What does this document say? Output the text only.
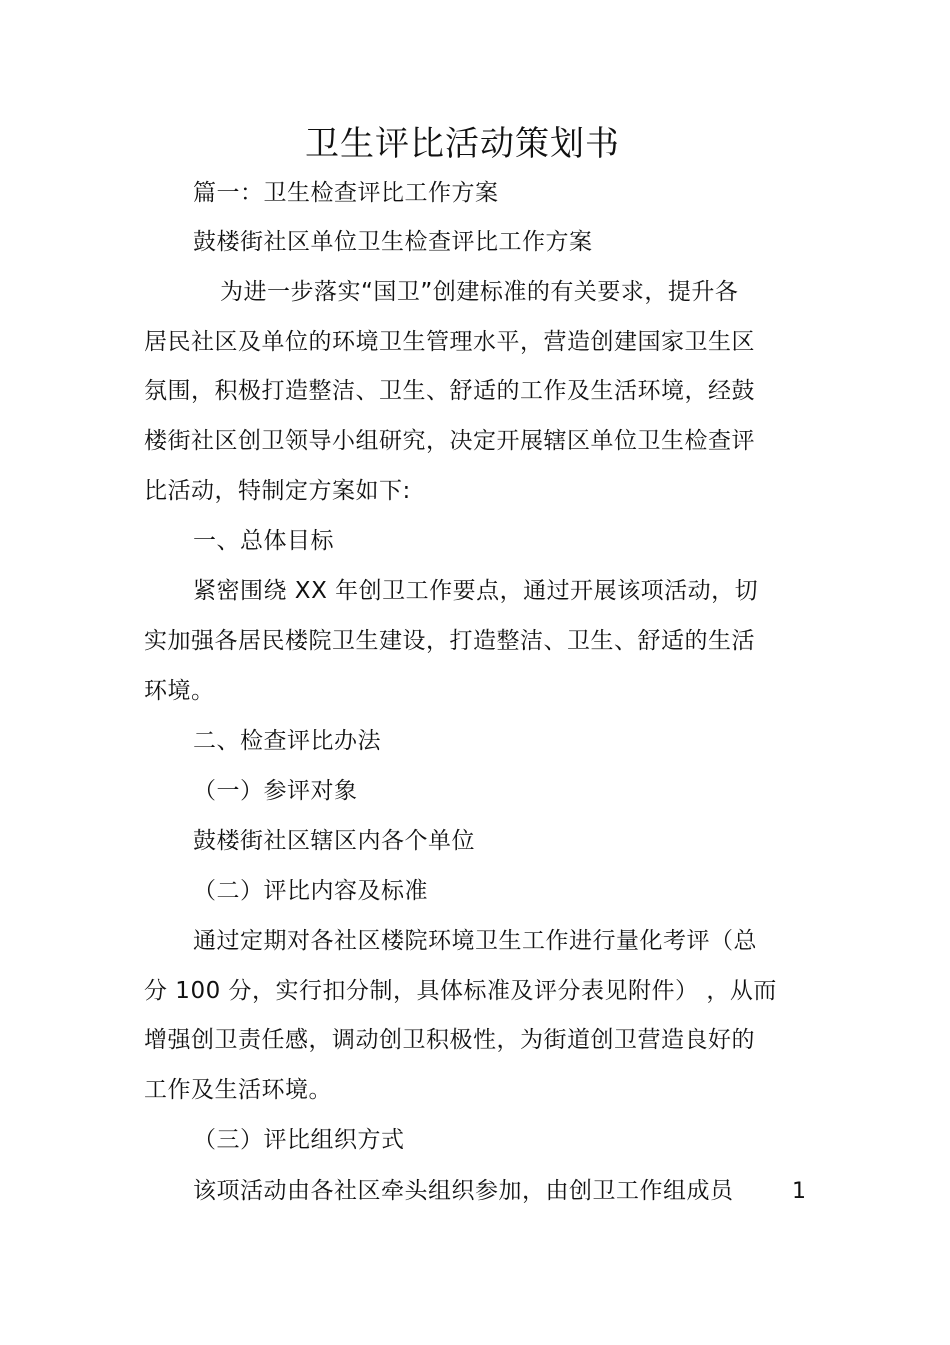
卫生评比活动策划书
篇一：卫生检查评比工作方案
鼓楼街社区单位卫生检查评比工作方案
为进一步落实“国卫”创建标准的有关要求，提升各
居民社区及单位的环境卫生管理水平，营造创建国家卫生区
氛围，积极打造整洁、卫生、舒适的工作及生活环境，经鼓
楼街社区创卫领导小组研究，决定开展辖区单位卫生检查评
比活动，特制定方案如下:
一、总体目标
紧密围绕 XX 年创卫工作要点，通过开展该项活动，切
实加强各居民楼院卫生建设，打造整洁、卫生、舒适的生活
环境。
二、检查评比办法
（一）参评对象
鼓楼街社区辖区内各个单位
（二）评比内容及标准
通过定期对各社区楼院环境卫生工作进行量化考评（总
分 100 分，实行扣分制，具体标准及评分表见附件） ，从而
增强创卫责任感，调动创卫积极性，为街道创卫营造良好的
工作及生活环境。
（三）评比组织方式
该项活动由各社区牵头组织参加，由创卫工作组成员	1
